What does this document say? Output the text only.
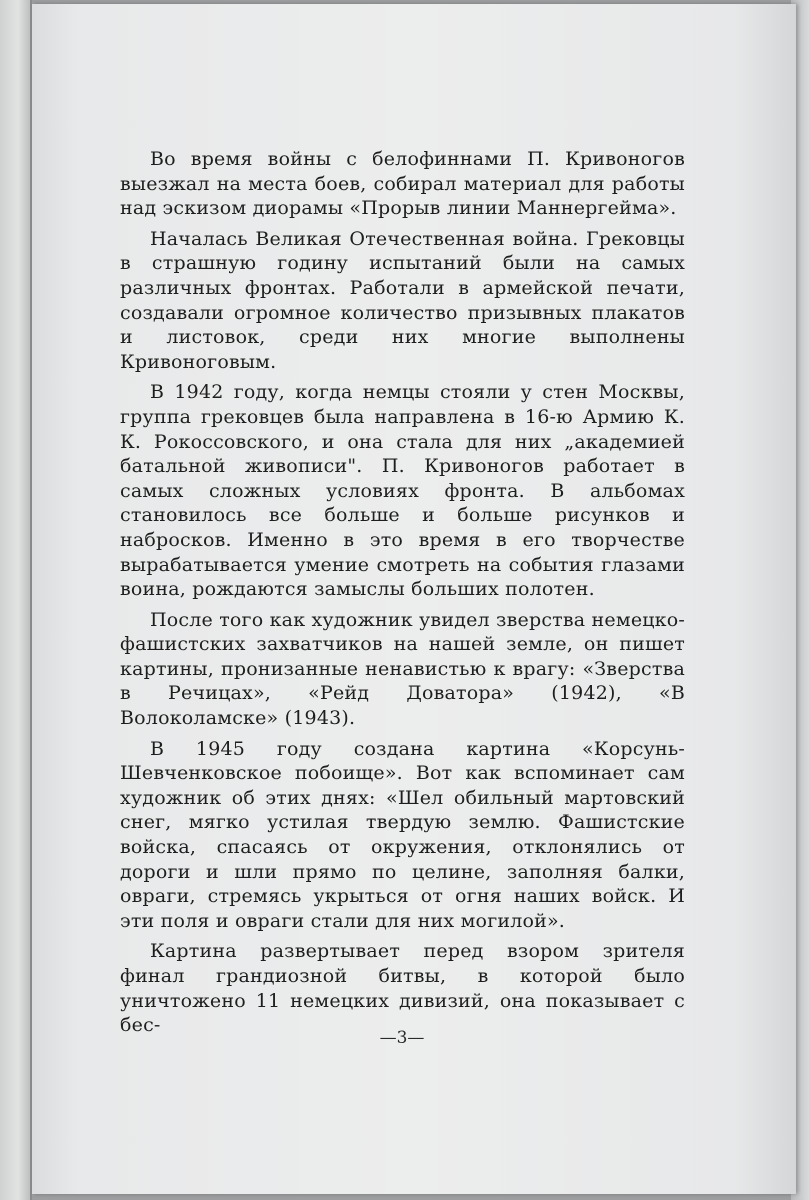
Во время войны с белофиннами П. Кривоногов выезжал на места боев, собирал материал для работы над эскизом диорамы «Прорыв линии Маннергейма».

Началась Великая Отечественная война. Грековцы в страшную годину испытаний были на самых различных фронтах. Работали в армейской печати, создавали огромное количество призывных плакатов и листовок, среди них многие выполнены Кривоноговым.

В 1942 году, когда немцы стояли у стен Москвы, группа грековцев была направлена в 16-ю Армию К. К. Рокоссовского, и она стала для них „академией батальной живописи". П. Кривоногов работает в самых сложных условиях фронта. В альбомах становилось все больше и больше рисунков и набросков. Именно в это время в его творчестве вырабатывается умение смотреть на события глазами воина, рождаются замыслы больших полотен.

После того как художник увидел зверства немецко-фашистских захватчиков на нашей земле, он пишет картины, пронизанные ненавистью к врагу: «Зверства в Речицах», «Рейд Доватора» (1942), «В Волоколамске» (1943).

В 1945 году создана картина «Корсунь-Шевченковское побоище». Вот как вспоминает сам художник об этих днях: «Шел обильный мартовский снег, мягко устилая твердую землю. Фашистские войска, спасаясь от окружения, отклонялись от дороги и шли прямо по целине, заполняя балки, овраги, стремясь укрыться от огня наших войск. И эти поля и овраги стали для них могилой».

Картина развертывает перед взором зрителя финал грандиозной битвы, в которой было уничтожено 11 немецких дивизий, она показывает с бес-

—3—
